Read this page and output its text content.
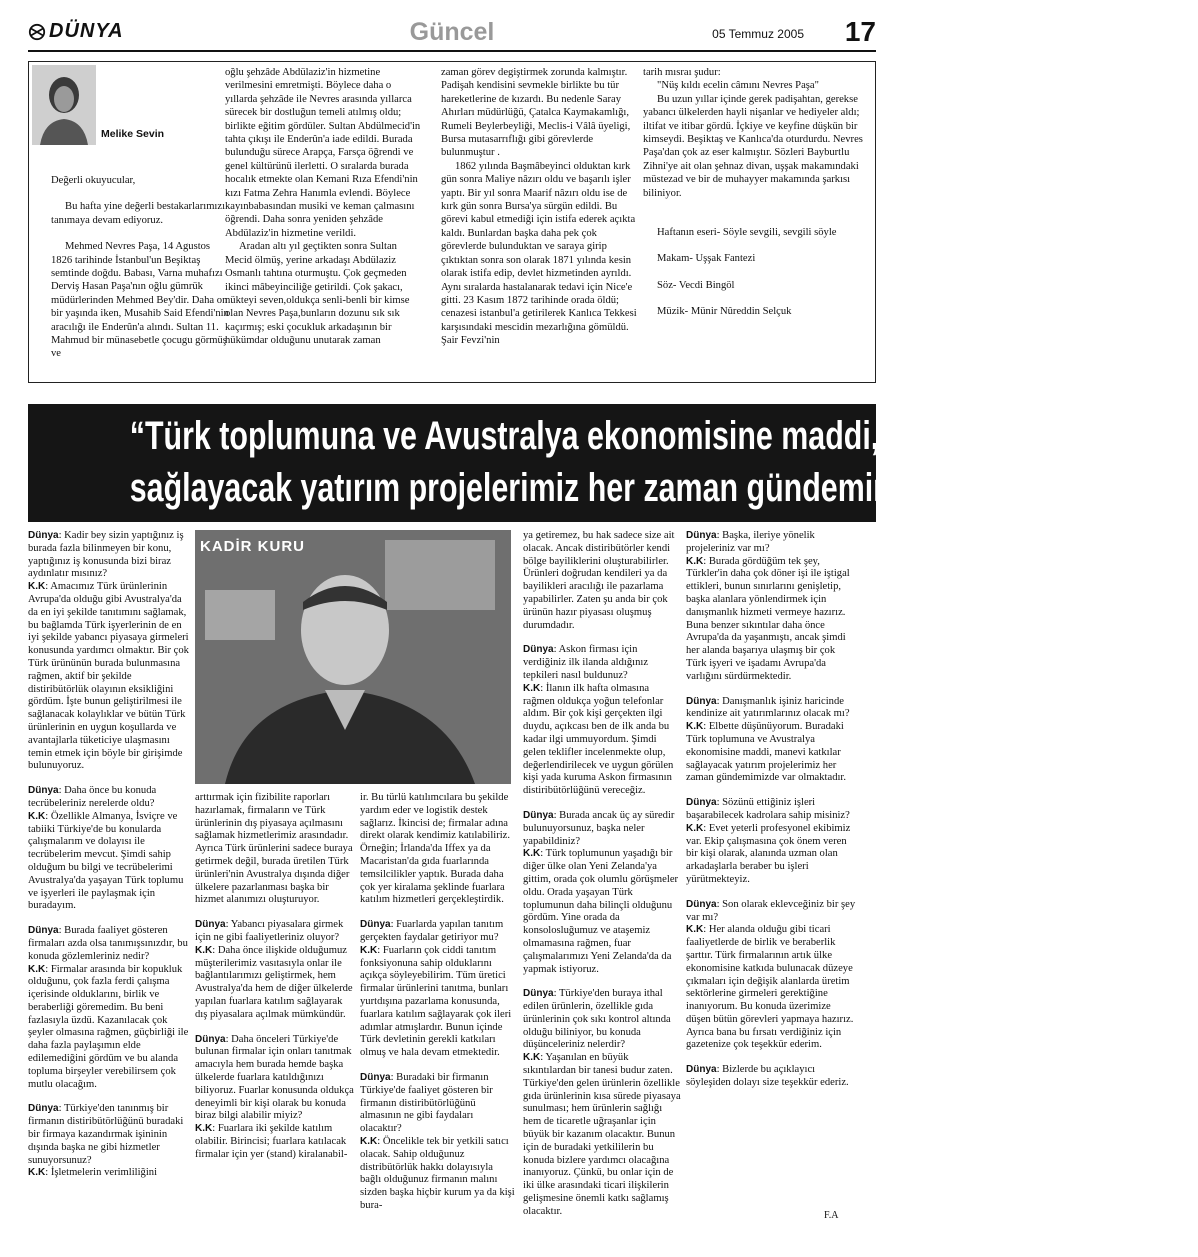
DÜNYA	Güncel	05 Temmuz 2005 17
Melike Sevin

Değerli okuyucular,

Bu hafta yine değerli bestakarlarımızı tanımaya devam ediyoruz.

Mehmed Nevres Paşa, 14 Agustos 1826 tarihinde İstanbul'un Beşiktaş semtinde doğdu. Babası, Varna muhafızı Derviş Hasan Paşa'nın oğlu gümrük müdürlerinden Mehmed Bey'dir. Daha on bir yaşında iken, Musahib Said Efendi'nin aracılığı ile Enderûn'a alındı. Sultan 11. Mahmud bir münasebetle çocugu görmüş ve

oğlu şehzâde Abdülaziz'in hizmetine verilmesini emretmişti. Böylece daha o yıllarda şehzâde ile Nevres arasında yıllarca sürecek bir dostluğun temeli atılmış oldu; birlikte eğitim gördüler. Sultan Abdülmecid'in tahta çıkışı ile Enderûn'a iade edildi. Burada bulunduğu sürece Arapça, Farsça öğrendi ve genel kültürünü ilerletti. O sıralarda burada hocalık etmekte olan Kemani Rıza Efendi'nin kızı Fatma Zehra Hanımla evlendi. Böylece kayınbabasından musiki ve keman çalmasını öğrendi. Daha sonra yeniden şehzâde Abdülaziz'in hizmetine verildi.

Aradan altı yıl geçtikten sonra Sultan Mecid ölmüş, yerine arkadaşı Abdülaziz Osmanlı tahtına oturmuştu. Çok geçmeden ikinci mâbeyinciliğe getirildi. Çok şakacı, nükteyi seven,oldukça senli-benli bir kimse olan Nevres Paşa,bunların dozunu sık sık kaçırmış; eski çocukluk arkadaşının bir hükümdar olduğunu unutarak zaman

zaman görev degiştirmek zorunda kalmıştır. Padişah kendisini sevmekle birlikte bu tür hareketlerine de kızardı. Bu nedenle Saray Ahırları müdürlüğü, Çatalca Kaymakamlığı, Rumeli Beylerbeyliği, Meclis-i Vâlâ üyeligi, Bursa mutasarrıflığı gibi görevlerde bulunmuştur .

1862 yılında Başmâbeyinci olduktan kırk gün sonra Maliye nâzırı oldu ve başarılı işler yaptı. Bir yıl sonra Maarif nâzırı oldu ise de kırk gün sonra Bursa'ya sürgün edildi. Bu görevi kabul etmediği için istifa ederek açıkta kaldı. Bunlardan başka daha pek çok görevlerde bulunduktan ve saraya girip çıktıktan sonra son olarak 1871 yılında kesin olarak istifa edip, devlet hizmetinden ayrıldı. Aynı sıralarda hastalanarak tedavi için Nice'e gitti. 23 Kasım 1872 tarihinde orada öldü; cenazesi istanbul'a getirilerek Kanlıca Tekkesi karşısındaki mescidin mezarlığına gömüldü. Şair Fevzi'nin

tarih mısraı şudur:

"Nüş kıldı ecelin câmını Nevres Paşa"

Bu uzun yıllar içinde gerek padişahtan, gerekse yabancı ülkelerden hayli nişanlar ve hediyeler aldı; iltifat ve itibar gördü. İçkiye ve keyfine düşkün bir kimseydi. Beşiktaş ve Kanlıca'da oturdurdu. Nevres Paşa'dan çok az eser kalmıştır. Sözleri Bayburtlu Zihni'ye ait olan şehnaz divan, uşşak makamındaki müstezad ve bir de muhayyer makamında şarkısı biliniyor.

Haftanın eseri- Söyle sevgili, sevgili söyle

Makam- Uşşak Fantezi

Söz- Vecdi Bingöl

Müzik- Münir Nûreddin Selçuk

“Türk toplumuna ve Avustralya ekonomisine maddi, manevi katkılar
sağlayacak yatırım projelerimiz her zaman gündemimizde var olmaktadır.”
KADİR KURU

Dünya: Kadir bey sizin yaptığınız iş burada fazla bilinmeyen bir konu, yaptığınız iş konusunda bizi biraz aydınlatır mısınız?

K.K: Amacımız Türk ürünlerinin Avrupa'da olduğu gibi Avustralya'da da en iyi şekilde tanıtımını sağlamak, bu bağlamda Türk işyerlerinin de en iyi şekilde yabancı piyasaya girmeleri konusunda yardımcı olmaktır. Bir çok Türk ürününün burada bulunmasına rağmen, aktif bir şekilde distiribütörlük olayının eksikliğini gördüm. İşte bunun geliştirilmesi ile sağlanacak kolaylıklar ve bütün Türk ürünlerinin en uygun koşullarda ve avantajlarla tüketiciye ulaşmasını temin etmek için böyle bir girişimde bulunuyoruz.

Dünya: Daha önce bu konuda tecrübeleriniz nerelerde oldu?

K.K: Özellikle Almanya, İsviçre ve tabiiki Türkiye'de bu konularda çalışmalarım ve dolayısı ile tecrübelerim mevcut. Şimdi sahip olduğum bu bilgi ve tecrübelerimi Avustralya'da yaşayan Türk toplumu ve işyerleri ile paylaşmak için buradayım.

Dünya: Burada faaliyet gösteren firmaları azda olsa tanımışsınızdır, bu konuda gözlemleriniz nedir?

K.K: Firmalar arasında bir kopukluk olduğunu, çok fazla ferdi çalışma içerisinde olduklarını, birlik ve beraberliği göremedim. Bu beni fazlasıyla üzdü. Kazanılacak çok şeyler olmasına rağmen, güçbirliği ile daha fazla paylaşımın elde edilemediğini gördüm ve bu alanda topluma birşeyler verebilirsem çok mutlu olacağım.

Dünya: Türkiye'den tanınmış bir firmanın distiribütörlüğünü buradaki bir firmaya kazandırmak işininin dışında başka ne gibi hizmetler sunuyorsunuz?

K.K: İşletmelerin verimliliğini

arttırmak için fizibilite raporları hazırlamak, firmaların ve Türk ürünlerinin dış piyasaya açılmasını sağlamak hizmetlerimiz arasındadır. Ayrıca Türk ürünlerini sadece buraya getirmek değil, burada üretilen Türk ürünleri'nin Avustralya dışında diğer ülkelere pazarlanması başka bir hizmet alanımızı oluşturuyor.

Dünya: Yabancı piyasalara girmek için ne gibi faaliyetleriniz oluyor?

K.K: Daha önce ilişkide olduğumuz müşterilerimiz vasıtasıyla onlar ile bağlantılarımızı geliştirmek, hem Avustralya'da hem de diğer ülkelerde yapılan fuarlara katılım sağlayarak dış piyasalara açılmak mümkündür.

Dünya: Daha önceleri Türkiye'de bulunan firmalar için onları tanıtmak amacıyla hem burada hemde başka ülkelerde fuarlara katıldığınızı biliyoruz. Fuarlar konusunda oldukça deneyimli bir kişi olarak bu konuda biraz bilgi alabilir miyiz?

K.K: Fuarlara iki şekilde katılım olabilir. Birincisi; fuarlara katılacak firmalar için yer (stand) kiralanabil-

ir. Bu türlü katılımcılara bu şekilde yardım eder ve logistik destek sağlarız. İkincisi de; firmalar adına direkt olarak kendimiz katılabiliriz. Örneğin; İrlanda'da Iffex ya da Macaristan'da gıda fuarlarında temsilcilikler yaptık. Burada daha çok yer kiralama şeklinde fuarlara katılım hizmetleri gerçekleştirdik.

Dünya: Fuarlarda yapılan tanıtım gerçekten faydalar getiriyor mu?

K.K: Fuarların çok ciddi tanıtım fonksiyonuna sahip olduklarını açıkça söyleyebilirim. Tüm üretici firmalar ürünlerini tanıtma, bunları yurtdışına pazarlama konusunda, fuarlara katılım sağlayarak çok ileri adımlar atmışlardır. Bunun içinde Türk devletinin gerekli katkıları olmuş ve hala devam etmektedir.

Dünya: Buradaki bir firmanın Türkiye'de faaliyet gösteren bir firmanın distiribütörlüğünü almasının ne gibi faydaları olacaktır?

K.K: Öncelikle tek bir yetkili satıcı olacak. Sahip olduğunuz distribütörlük hakkı dolayısıyla bağlı olduğunuz firmanın malını sizden başka hiçbir kurum ya da kişi bura-

ya getiremez, bu hak sadece size ait olacak. Ancak distiribütörler kendi bölge bayiliklerini oluşturabilirler. Ürünleri doğrudan kendileri ya da bayilikleri aracılığı ile pazarlama yapabilirler. Zaten şu anda bir çok ürünün hazır piyasası oluşmuş durumdadır.

Dünya: Askon firması için verdiğiniz ilk ilanda aldığınız tepkileri nasıl buldunuz?

K.K: İlanın ilk hafta olmasına rağmen oldukça yoğun telefonlar aldım. Bir çok kişi gerçekten ilgi duydu, açıkcası ben de ilk anda bu kadar ilgi ummuyordum. Şimdi gelen teklifler incelenmekte olup, değerlendirilecek ve uygun görülen kişi yada kuruma Askon firmasının distiribütörlüğünü vereceğiz.

Dünya: Burada ancak üç ay süredir bulunuyorsunuz, başka neler yapabildiniz?

K.K: Türk toplumunun yaşadığı bir diğer ülke olan Yeni Zelanda'ya gittim, orada çok olumlu görüşmeler oldu. Orada yaşayan Türk toplumunun daha bilinçli olduğunu gördüm. Yine orada da konsolosluğumuz ve ataşemiz olmamasına rağmen, fuar çalışmalarımızı Yeni Zelanda'da da yapmak istiyoruz.

Dünya: Türkiye'den buraya ithal edilen ürünlerin, özellikle gıda ürünlerinin çok sıkı kontrol altında olduğu biliniyor, bu konuda düşünceleriniz nelerdir?

K.K: Yaşanılan en büyük sıkıntılardan bir tanesi budur zaten. Türkiye'den gelen ürünlerin özellikle gıda ürünlerinin kısa sürede piyasaya sunulması; hem ürünlerin sağlığı hem de ticaretle uğraşanlar için büyük bir kazanım olacaktır. Bunun için de buradaki yetkililerin bu konuda bizlere yardımcı olacağına inanıyoruz. Çünkü, bu onlar için de iki ülke arasındaki ticari ilişkilerin gelişmesine önemli katkı sağlamış olacaktır.

Dünya: Başka, ileriye yönelik projeleriniz var mı?

K.K: Burada gördüğüm tek şey, Türkler'in daha çok döner işi ile iştigal ettikleri, bunun sınırlarını genişletip, başka alanlara yönlendirmek için danışmanlık hizmeti vermeye hazırız. Buna benzer sıkıntılar daha önce Avrupa'da da yaşanmıştı, ancak şimdi her alanda başarıya ulaşmış bir çok Türk işyeri ve işadamı Avrupa'da varlığını sürdürmektedir.

Dünya: Danışmanlık işiniz haricinde kendinize ait yatırımlarınız olacak mı?

K.K: Elbette düşünüyorum. Buradaki Türk toplumuna ve Avustralya ekonomisine maddi, manevi katkılar sağlayacak yatırım projelerimiz her zaman gündemimizde var olmaktadır.

Dünya: Sözünü ettiğiniz işleri başarabilecek kadrolara sahip misiniz?

K.K: Evet yeterli profesyonel ekibimiz var. Ekip çalışmasına çok önem veren bir kişi olarak, alanında uzman olan arkadaşlarla beraber bu işleri yürütmekteyiz.

Dünya: Son olarak eklevceğiniz bir şey var mı?

K.K: Her alanda olduğu gibi ticari faaliyetlerde de birlik ve beraberlik şarttır. Türk firmalarının artık ülke ekonomisine katkıda bulunacak düzeye çıkmaları için değişik alanlarda üretim sektörlerine girmeleri gerektiğine inanıyorum. Bu konuda üzerimize düşen bütün görevleri yapmaya hazırız. Ayrıca bana bu fırsatı verdiğiniz için gazetenize çok teşekkür ederim.

Dünya: Bizlerde bu açıklayıcı söyleşiden dolayı size teşekkür ederiz.

F.A
